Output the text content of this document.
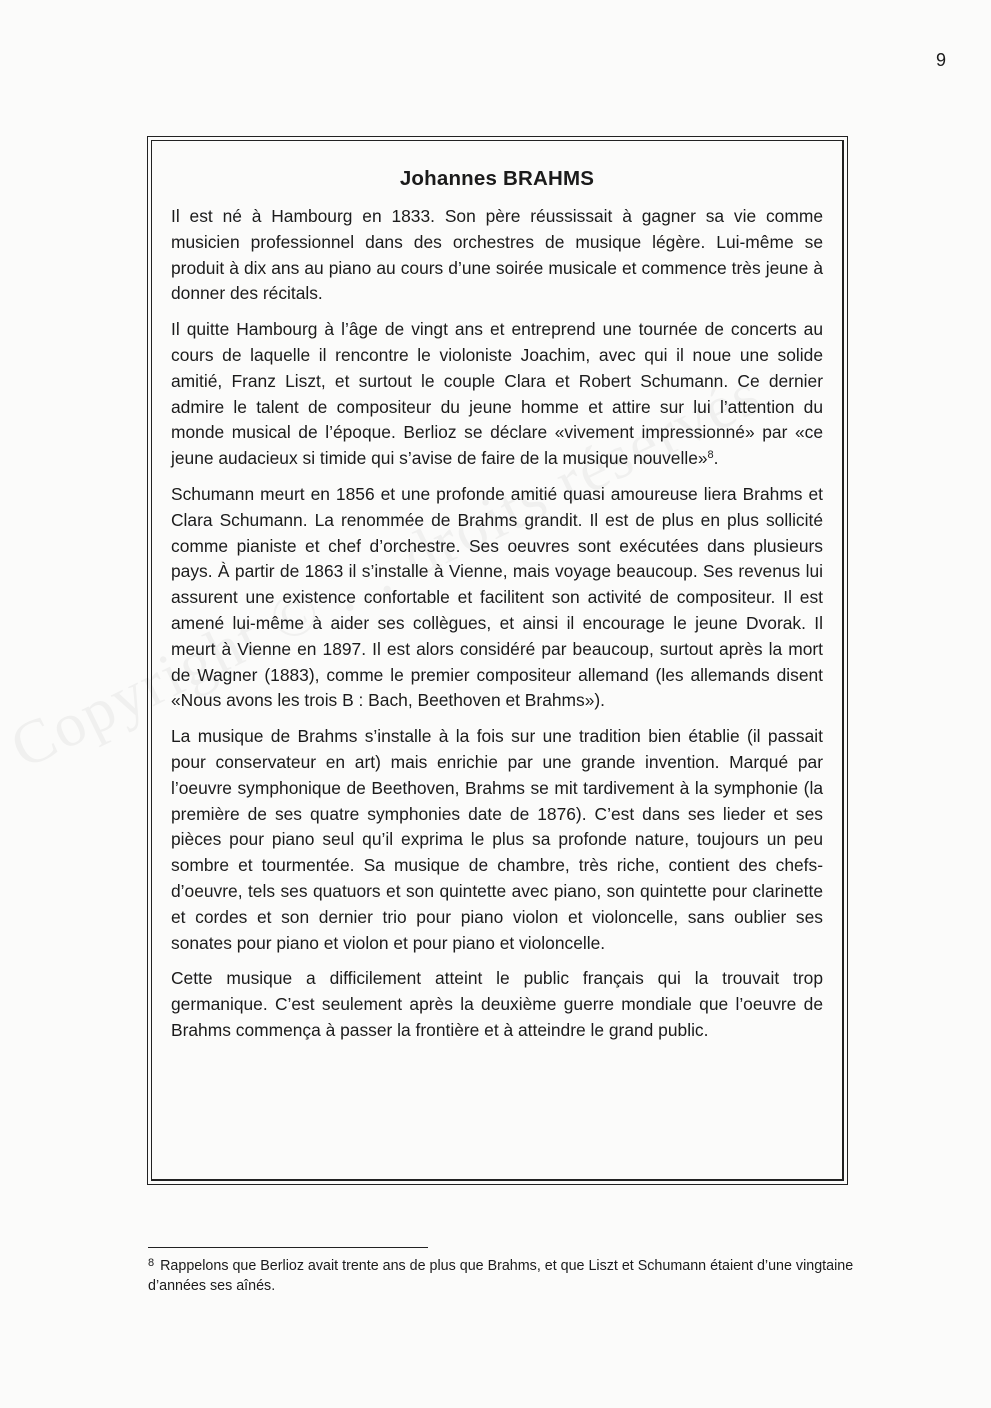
9
Johannes BRAHMS

Il est né à Hambourg en 1833. Son père réussissait à gagner sa vie comme musicien professionnel dans des orchestres de musique légère. Lui-même se produit à dix ans au piano au cours d’une soirée musicale et commence très jeune à donner des récitals.

Il quitte Hambourg à l’âge de vingt ans et entreprend une tournée de concerts au cours de laquelle il rencontre le violoniste Joachim, avec qui il noue une solide amitié, Franz Liszt, et surtout le couple Clara et Robert Schumann. Ce dernier admire le talent de compositeur du jeune homme et attire sur lui l’attention du monde musical de l’époque. Berlioz se déclare «vivement impressionné» par «ce jeune audacieux si timide qui s’avise de faire de la musique nouvelle»$^8$.

Schumann meurt en 1856 et une profonde amitié quasi amoureuse liera Brahms et Clara Schumann. La renommée de Brahms grandit. Il est de plus en plus sollicité comme pianiste et chef d’orchestre. Ses oeuvres sont exécutées dans plusieurs pays. À partir de 1863 il s’installe à Vienne, mais voyage beaucoup. Ses revenus lui assurent une existence confortable et facilitent son activité de compositeur. Il est amené lui-même à aider ses collègues, et ainsi il encourage le jeune Dvorak. Il meurt à Vienne en 1897. Il est alors considéré par beaucoup, surtout après la mort de Wagner (1883), comme le premier compositeur allemand (les allemands disent «Nous avons les trois B : Bach, Beethoven et Brahms»).

La musique de Brahms s’installe à la fois sur une tradition bien établie (il passait pour conservateur en art) mais enrichie par une grande invention. Marqué par l’oeuvre symphonique de Beethoven, Brahms se mit tardivement à la symphonie (la première de ses quatre symphonies date de 1876). C’est dans ses lieder et ses pièces pour piano seul qu’il exprima le plus sa profonde nature, toujours un peu sombre et tourmentée. Sa musique de chambre, très riche, contient des chefs-d’oeuvre, tels ses quatuors et son quintette avec piano, son quintette pour clarinette et cordes et son dernier trio pour piano violon et violoncelle, sans oublier ses sonates pour piano et violon et pour piano et violoncelle.

Cette musique a difficilement atteint le public français qui la trouvait trop germanique. C’est seulement après la deuxième guerre mondiale que l’oeuvre de Brahms commença à passer la frontière et à atteindre le grand public.

$^8$ Rappelons que Berlioz avait trente ans de plus que Brahms, et que Liszt et Schumann étaient d’une vingtaine d’années ses aînés.
